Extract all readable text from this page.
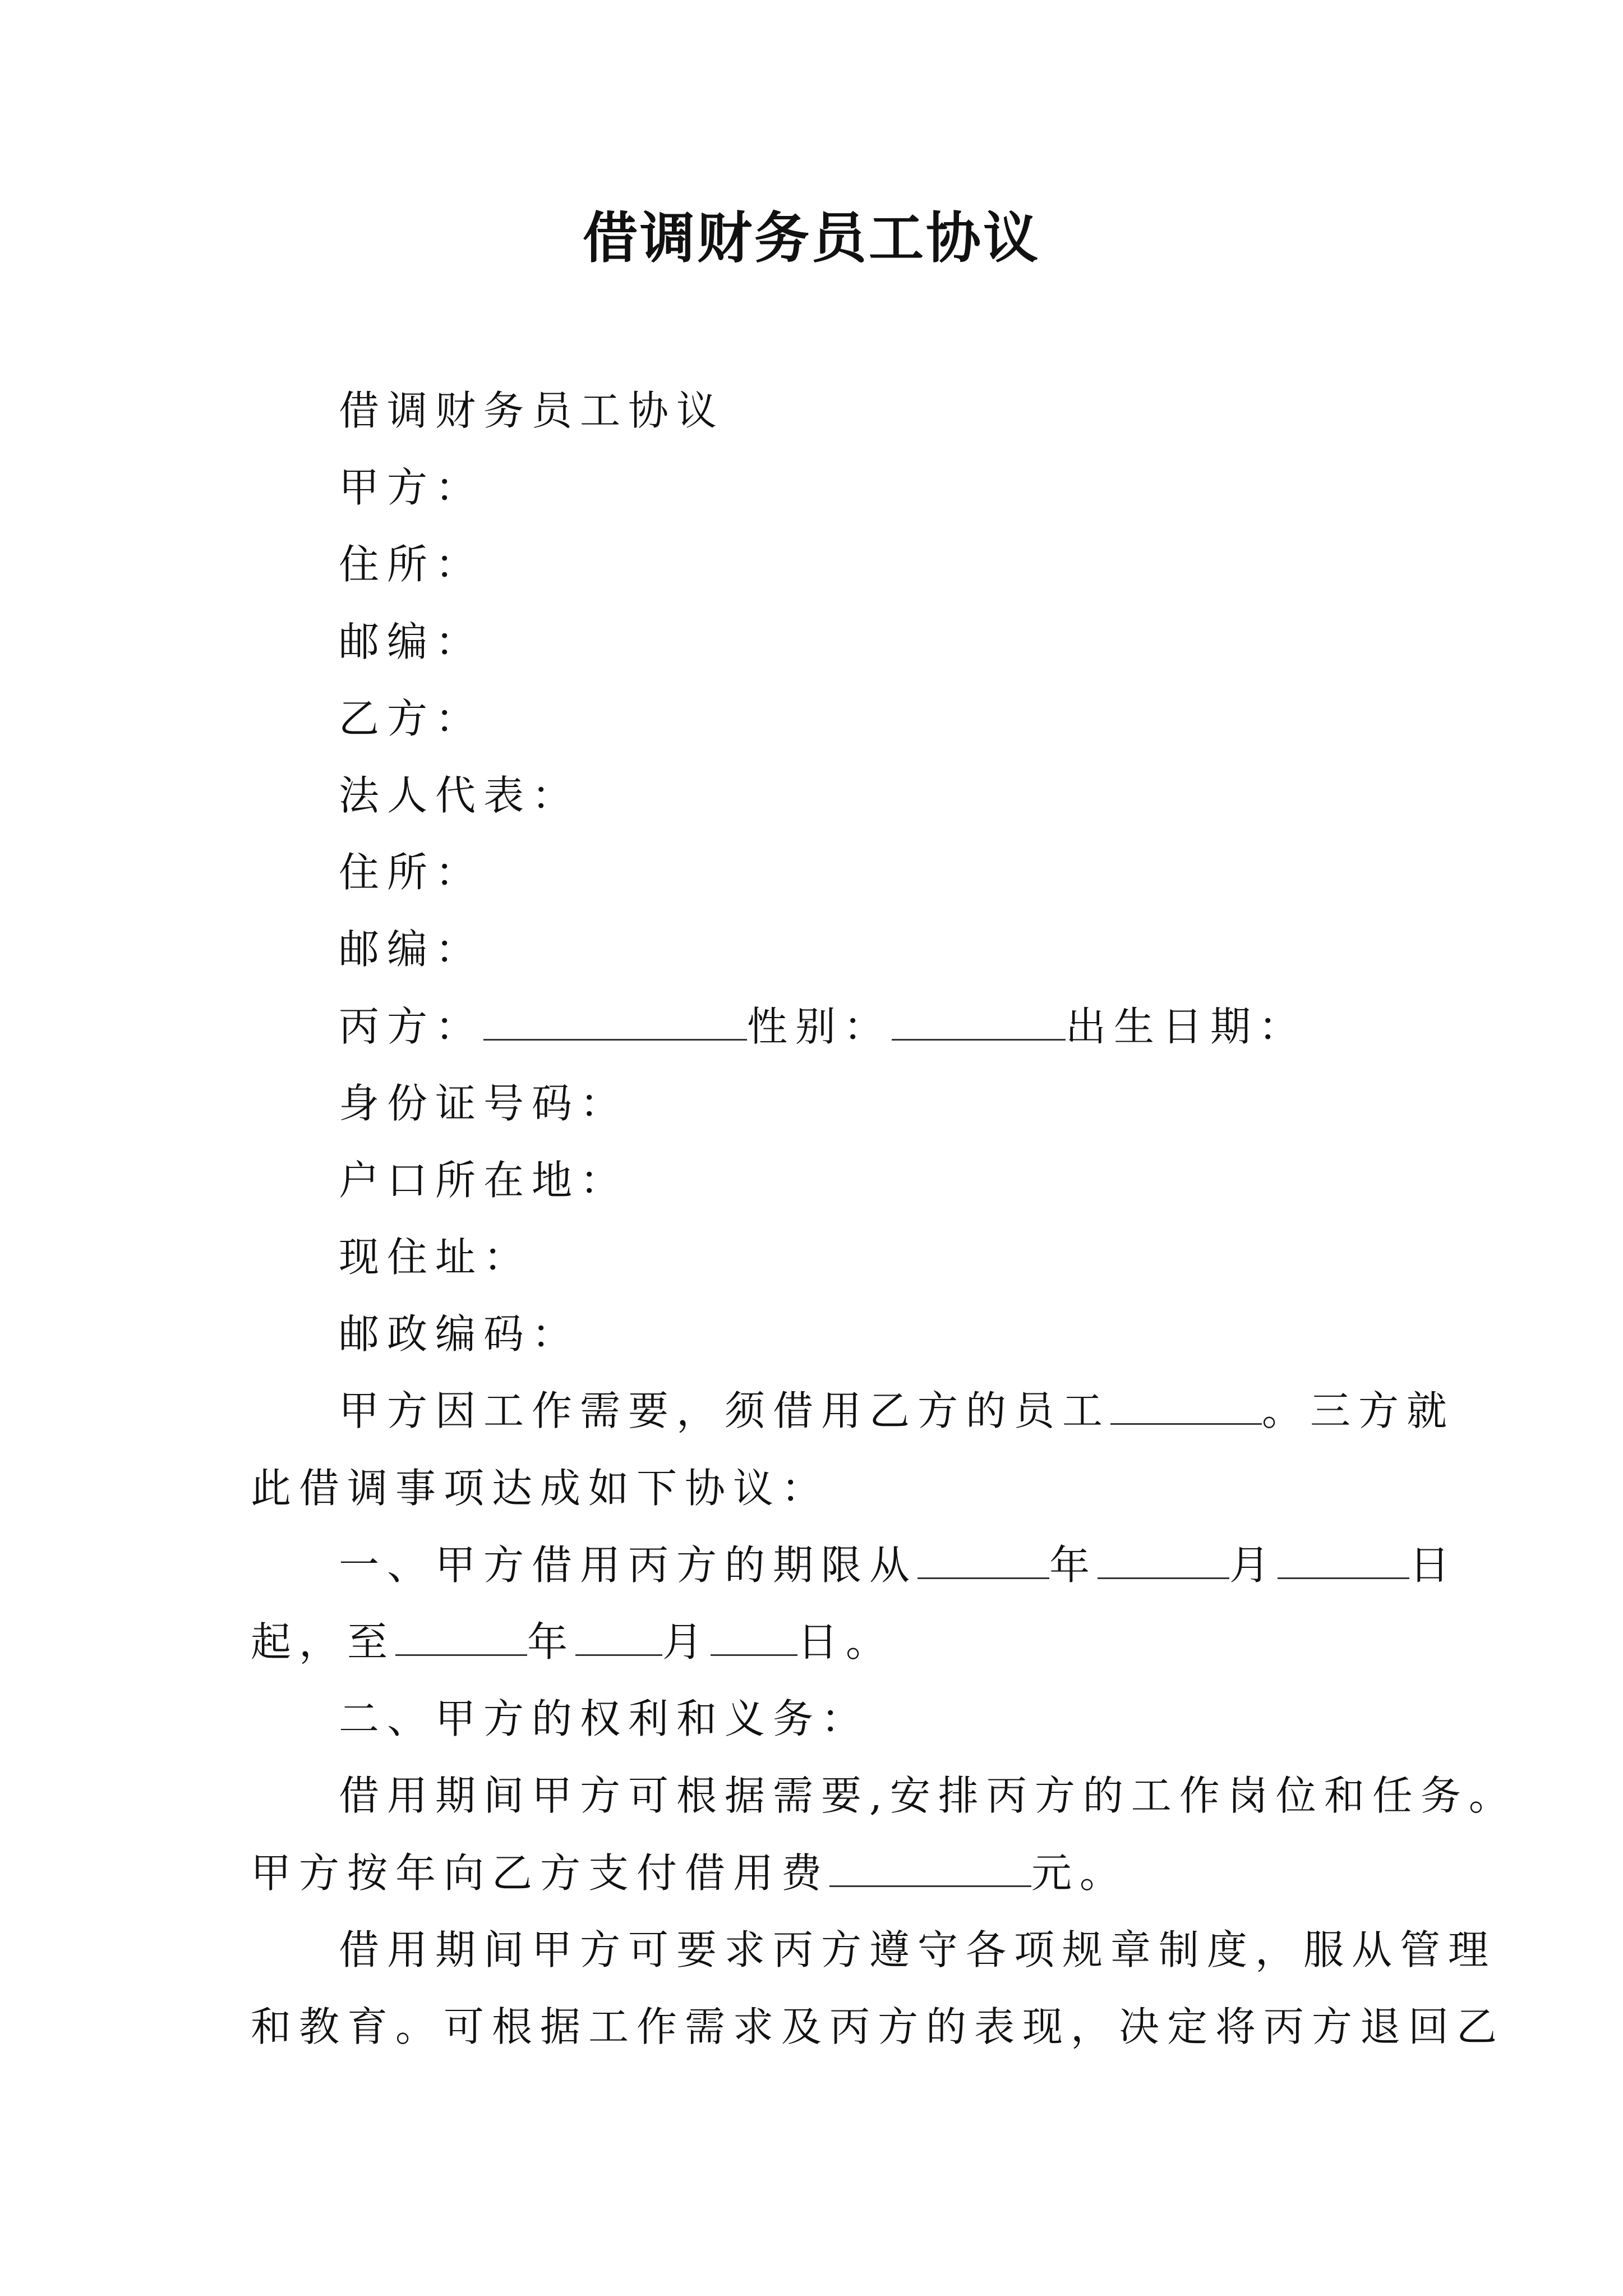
借调财务员工协议
借调财务员工协议
甲方：
住所：
邮编：
乙方：
法人代表：
住所：
邮编：
丙方：	性别：	出生日期：
身份证号码：
户口所在地：
现住址：
邮政编码：
甲方因工作需要，须借用乙方的员工	。三方就
此借调事项达成如下协议：
一、甲方借用丙方的期限从	年	月	日
起，至	年 月 日。
二、甲方的权利和义务：
借用期间甲方可根据需要,安排丙方的工作岗位和任务。
甲方按年向乙方支付借用费	元。
借用期间甲方可要求丙方遵守各项规章制度，服从管理
和教育。可根据工作需求及丙方的表现，决定将丙方退回乙
